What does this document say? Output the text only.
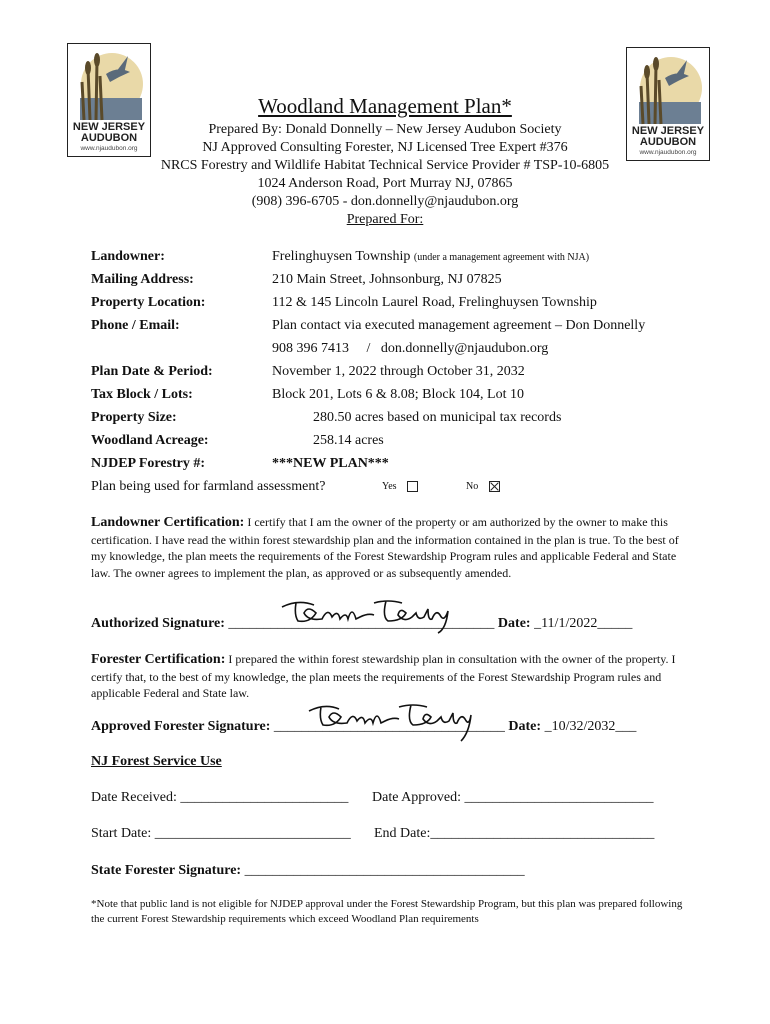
NEW JERSEY
AUDUBON
www.njaudubon.org
NEW JERSEY
AUDUBON
www.njaudubon.org
Woodland Management Plan*
Prepared By: Donald Donnelly – New Jersey Audubon Society
NJ Approved Consulting Forester, NJ Licensed Tree Expert #376
NRCS Forestry and Wildlife Habitat Technical Service Provider # TSP-10-6805
1024 Anderson Road, Port Murray NJ, 07865
(908) 396-6705 - don.donnelly@njaudubon.org
Prepared For:
Landowner:	Frelinghuysen Township (under a management agreement with NJA)
Mailing Address:	210 Main Street, Johnsonburg, NJ 07825
Property Location:	112 & 145 Lincoln Laurel Road, Frelinghuysen Township
Phone / Email:	Plan contact via executed management agreement – Don Donnelly
908 396 7413     /   don.donnelly@njaudubon.org
Plan Date & Period:	November 1, 2022 through October 31, 2032
Tax Block / Lots:	Block 201, Lots 6 & 8.08; Block 104, Lot 10
Property Size:	280.50 acres based on municipal tax records
Woodland Acreage:	258.14 acres
NJDEP Forestry #:	***NEW PLAN***
Plan being used for farmland assessment?	Yes	No
Landowner Certification: I certify that I am the owner of the property or am authorized by the owner to make this certification. I have read the within forest stewardship plan and the information contained in the plan is true. To the best of my knowledge, the plan meets the requirements of the Forest Stewardship Program rules and applicable Federal and State law. The owner agrees to implement the plan, as approved or as subsequently amended.
Authorized Signature: ______________________________________ Date: _11/1/2022_____
Forester Certification: I prepared the within forest stewardship plan in consultation with the owner of the property. I certify that, to the best of my knowledge, the plan meets the requirements of the Forest Stewardship Program rules and applicable Federal and State law.
Approved Forester Signature: _________________________________ Date: _10/32/2032___
NJ Forest Service Use
Date Received: ________________________ Date Approved: ___________________________
Start Date: ____________________________ End Date:________________________________
State Forester Signature: ________________________________________
*Note that public land is not eligible for NJDEP approval under the Forest Stewardship Program, but this plan was prepared following the current Forest Stewardship requirements which exceed Woodland Plan requirements
